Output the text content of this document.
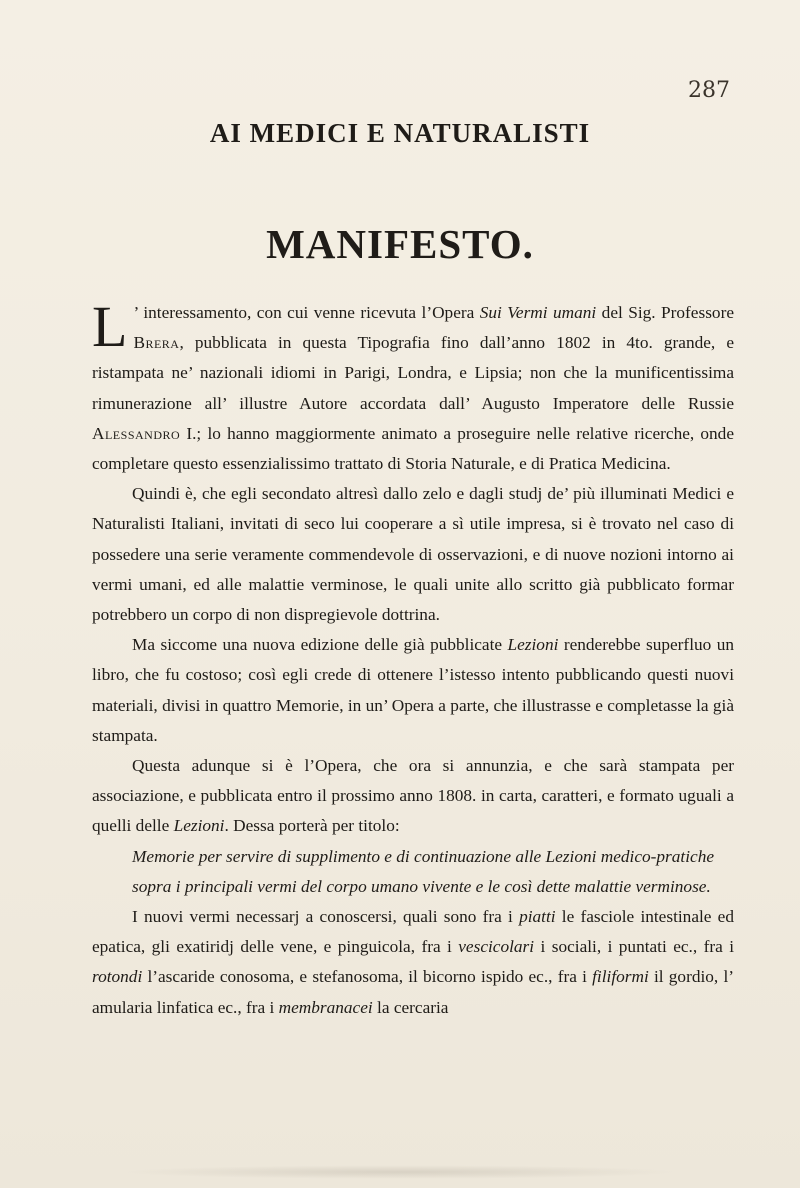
287
AI MEDICI E NATURALISTI
MANIFESTO.

L ’ interessamento, con cui venne ricevuta l’Opera Sui Vermi umani del Sig. Professore Brera, pubblicata in questa Tipografia fino dall’anno 1802 in 4to. grande, e ristampata ne’ nazionali idiomi in Parigi, Londra, e Lipsia; non che la munificentissima rimunerazione all’ illustre Autore accordata dall’ Augusto Imperatore delle Russie Alessandro I.; lo hanno maggiormente animato a proseguire nelle relative ricerche, onde completare questo essenzialissimo trattato di Storia Naturale, e di Pratica Medicina.

Quindi è, che egli secondato altresì dallo zelo e dagli studj de’ più illuminati Medici e Naturalisti Italiani, invitati di seco lui cooperare a sì utile impresa, si è trovato nel caso di possedere una serie veramente commendevole di osservazioni, e di nuove nozioni intorno ai vermi umani, ed alle malattie verminose, le quali unite allo scritto già pubblicato formar potrebbero un corpo di non dispregievole dottrina.

Ma siccome una nuova edizione delle già pubblicate Lezioni renderebbe superfluo un libro, che fu costoso; così egli crede di ottenere l’istesso intento pubblicando questi nuovi materiali, divisi in quattro Memorie, in un’ Opera a parte, che illustrasse e completasse la già stampata.

Questa adunque si è l’Opera, che ora si annunzia, e che sarà stampata per associazione, e pubblicata entro il prossimo anno 1808. in carta, caratteri, e formato uguali a quelli delle Lezioni. Dessa porterà per titolo:

Memorie per servire di supplimento e di continuazione alle Lezioni medico-pratiche sopra i principali vermi del corpo umano vivente e le così dette malattie verminose.

I nuovi vermi necessarj a conoscersi, quali sono fra i piatti le fasciole intestinale ed epatica, gli exatiridj delle vene, e pinguicola, fra i vescicolari i sociali, i puntati ec., fra i rotondi l’ascaride conosoma, e stefanosoma, il bicorno ispido ec., fra i filiformi il gordio, l’ amularia linfatica ec., fra i membranacei la cercaria
